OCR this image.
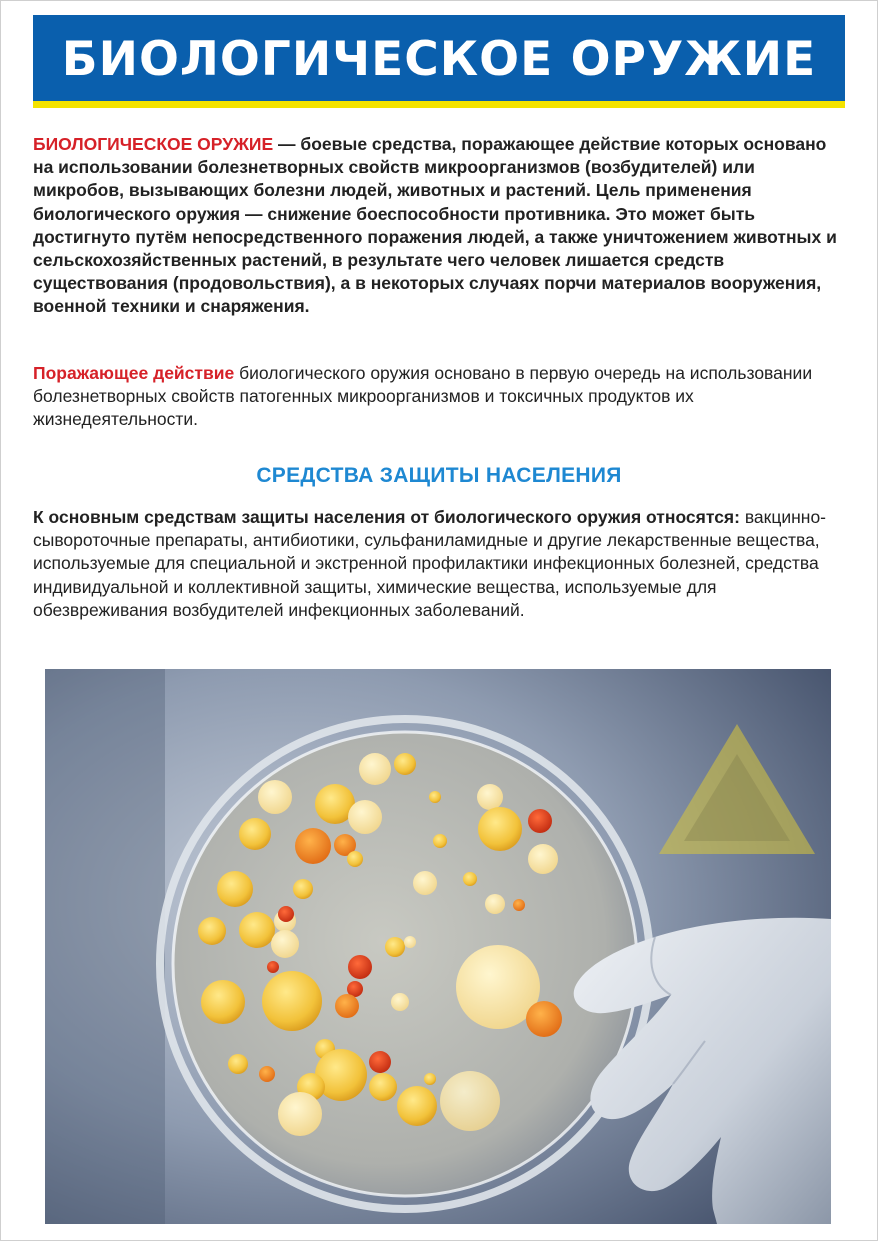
БИОЛОГИЧЕСКОЕ ОРУЖИЕ

БИОЛОГИЧЕСКОЕ ОРУЖИЕ — боевые средства, поражающее действие которых основано на использовании болезнетворных свойств микроорганизмов (возбудителей) или микробов, вызывающих болезни людей, животных и растений. Цель применения биологического оружия — снижение боеспособности противника. Это может быть достигнуто путём непосредственного поражения людей, а также уничтожением животных и сельскохозяйственных растений, в результате чего человек лишается средств существования (продовольствия), а в некоторых случаях порчи материалов вооружения, военной техники и снаряжения.

Поражающее действие биологического оружия основано в первую очередь на использовании болезнетворных свойств патогенных микроорганизмов и токсичных продуктов их жизнедеятельности.

СРЕДСТВА ЗАЩИТЫ НАСЕЛЕНИЯ

К основным средствам защиты населения от биологического оружия относятся: вакцинно-сывороточные препараты, антибиотики, сульфаниламидные и другие лекарственные вещества, используемые для специальной и экстренной профилактики инфекционных болезней, средства индивидуальной и коллективной защиты, химические вещества, используемые для обезвреживания возбудителей инфекционных заболеваний.
